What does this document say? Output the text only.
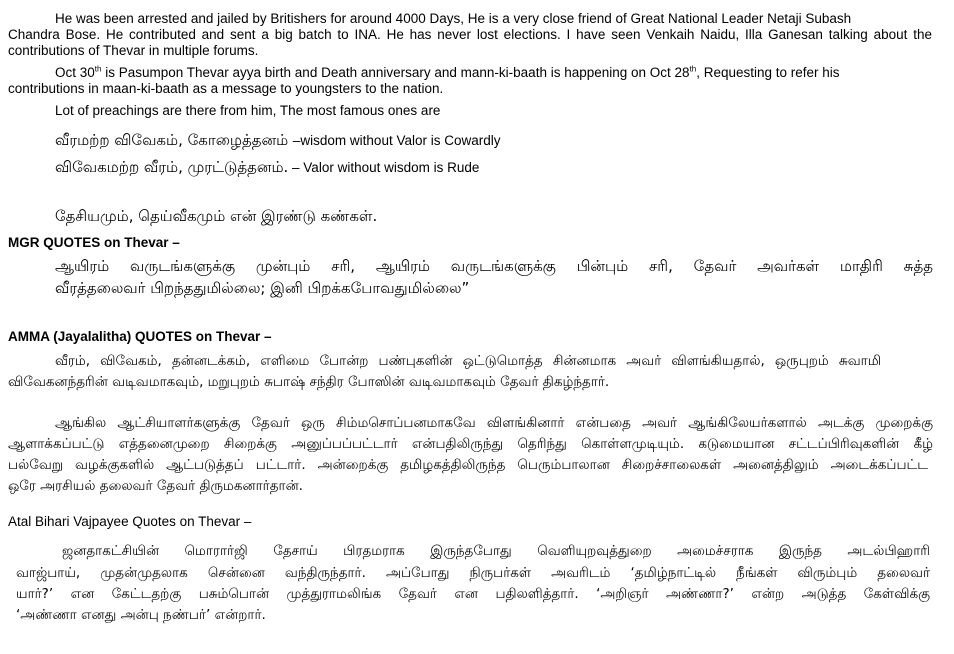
He was been arrested and jailed by Britishers for around 4000 Days, He is a very close friend of Great National Leader Netaji Subash

Chandra Bose. He contributed and sent a big batch to INA. He has never lost elections. I have seen Venkaih Naidu, Illa Ganesan talking about the

contributions of Thevar in multiple forums.

Oct 30th is Pasumpon Thevar ayya birth and Death anniversary and mann-ki-baath is happening on Oct 28th, Requesting to refer his

contributions in maan-ki-baath as a message to youngsters to the nation.

Lot of preachings are there from him, The most famous ones are

வீரமற்ற விவேகம், கோழைத்தனம் –wisdom without Valor is Cowardly

விவேகமற்ற வீரம், முரட்டுத்தனம். – Valor without wisdom is Rude

தேசியமும், தெய்வீகமும் என் இரண்டு கண்கள்.

MGR QUOTES on Thevar –

ஆயிரம் வருடங்களுக்கு முன்பும் சரி, ஆயிரம் வருடங்களுக்கு பின்பும் சரி, தேவர் அவர்கள் மாதிரி சுத்த

வீரத்தலைவர் பிறந்ததுமில்லை; இனி பிறக்கபோவதுமில்லை”

AMMA (Jayalalitha) QUOTES on Thevar –

வீரம், விவேகம், தன்னடக்கம், எளிமை போன்ற பண்புகளின் ஒட்டுமொத்த சின்னமாக அவர் விளங்கியதால், ஒருபுறம் சுவாமி

விவேகனந்தரின் வடிவமாகவும், மறுபுறம் சுபாஷ் சந்திர போஸின் வடிவமாகவும் தேவர் திகழ்ந்தார்.

ஆங்கில ஆட்சியாளர்களுக்கு தேவர் ஒரு சிம்மசொப்பனமாகவே விளங்கினார் என்பதை அவர் ஆங்கிலேயர்களால் அடக்கு முறைக்கு

ஆளாக்கப்பட்டு எத்தனைமுறை சிறைக்கு அனுப்பப்பட்டார் என்பதிலிருந்து தெரிந்து கொள்ளமுடியும். கடுமையான சட்டப்பிரிவுகளின் கீழ்

பல்வேறு வழக்குகளில் ஆட்படுத்தப் பட்டார். அன்றைக்கு தமிழகத்திலிருந்த பெரும்பாலான சிறைச்சாலைகள் அனைத்திலும் அடைக்கப்பட்ட

ஒரே அரசியல் தலைவர் தேவர் திருமகனார்தான்.

Atal Bihari Vajpayee Quotes on Thevar –

ஜனதாகட்சியின் மொரார்ஜி தேசாய் பிரதமராக இருந்தபோது வெளியுறவுத்துறை அமைச்சராக இருந்த அடல்பிஹாரி

வாஜ்பாய், முதன்முதலாக சென்னை வந்திருந்தார். அப்போது நிருபர்கள் அவரிடம் ‘தமிழ்நாட்டில் நீங்கள் விரும்பும் தலைவர்

யார்?’ என கேட்டதற்கு பசும்பொன் முத்துராமலிங்க தேவர் என பதிலளித்தார். ‘அறிஞர் அண்ணா?’ என்ற அடுத்த கேள்விக்கு

‘அண்ணா எனது அன்பு நண்பர்’ என்றார்.
